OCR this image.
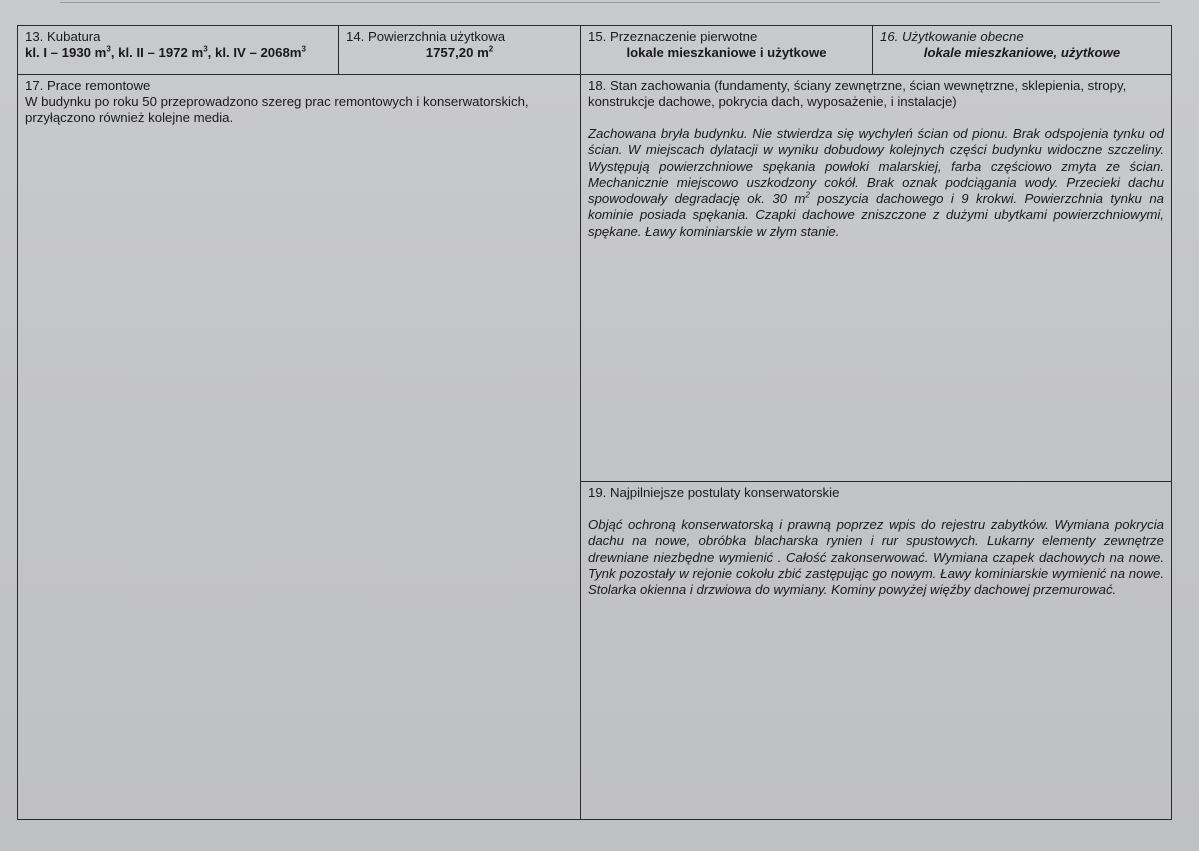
13. Kubatura
kl. I – 1930 $m^3$, kl. II – 1972 $m^3$, kl. IV – $2068m^3$
14. Powierzchnia użytkowa
1757,20 $m^2$
15. Przeznaczenie pierwotne
lokale mieszkaniowe i użytkowe
16. Użytkowanie obecne
lokale mieszkaniowe, użytkowe
17. Prace remontowe
W budynku po roku 50 przeprowadzono szereg prac remontowych i konserwatorskich, przyłączono również kolejne media.
18. Stan zachowania (fundamenty, ściany zewnętrzne, ścian wewnętrzne, sklepienia, stropy, konstrukcje dachowe, pokrycia dach, wyposażenie, i instalacje)
Zachowana bryła budynku. Nie stwierdza się wychyleń ścian od pionu. Brak odspojenia tynku od ścian. W miejscach dylatacji w wyniku dobudowy kolejnych części budynku widoczne szczeliny. Występują powierzchniowe spękania powłoki malarskiej, farba częściowo zmyta ze ścian. Mechanicznie miejscowo uszkodzony cokół. Brak oznak podciągania wody. Przecieki dachu spowodowały degradację ok. 30 $m^2$ poszycia dachowego i 9 krokwi. Powierzchnia tynku na kominie posiada spękania. Czapki dachowe zniszczone z dużymi ubytkami powierzchniowymi, spękane. Ławy kominiarskie w złym stanie.
19. Najpilniejsze postulaty konserwatorskie
Objąć ochroną konserwatorską i prawną poprzez wpis do rejestru zabytków. Wymiana pokrycia dachu na nowe, obróbka blacharska rynien i rur spustowych. Lukarny elementy zewnętrze drewniane niezbędne wymienić . Całość zakonserwować. Wymiana czapek dachowych na nowe. Tynk pozostały w rejonie cokołu zbić zastępując go nowym. Ławy kominiarskie wymienić na nowe. Stolarka okienna i drzwiowa do wymiany. Kominy powyżej więźby dachowej przemurować.
